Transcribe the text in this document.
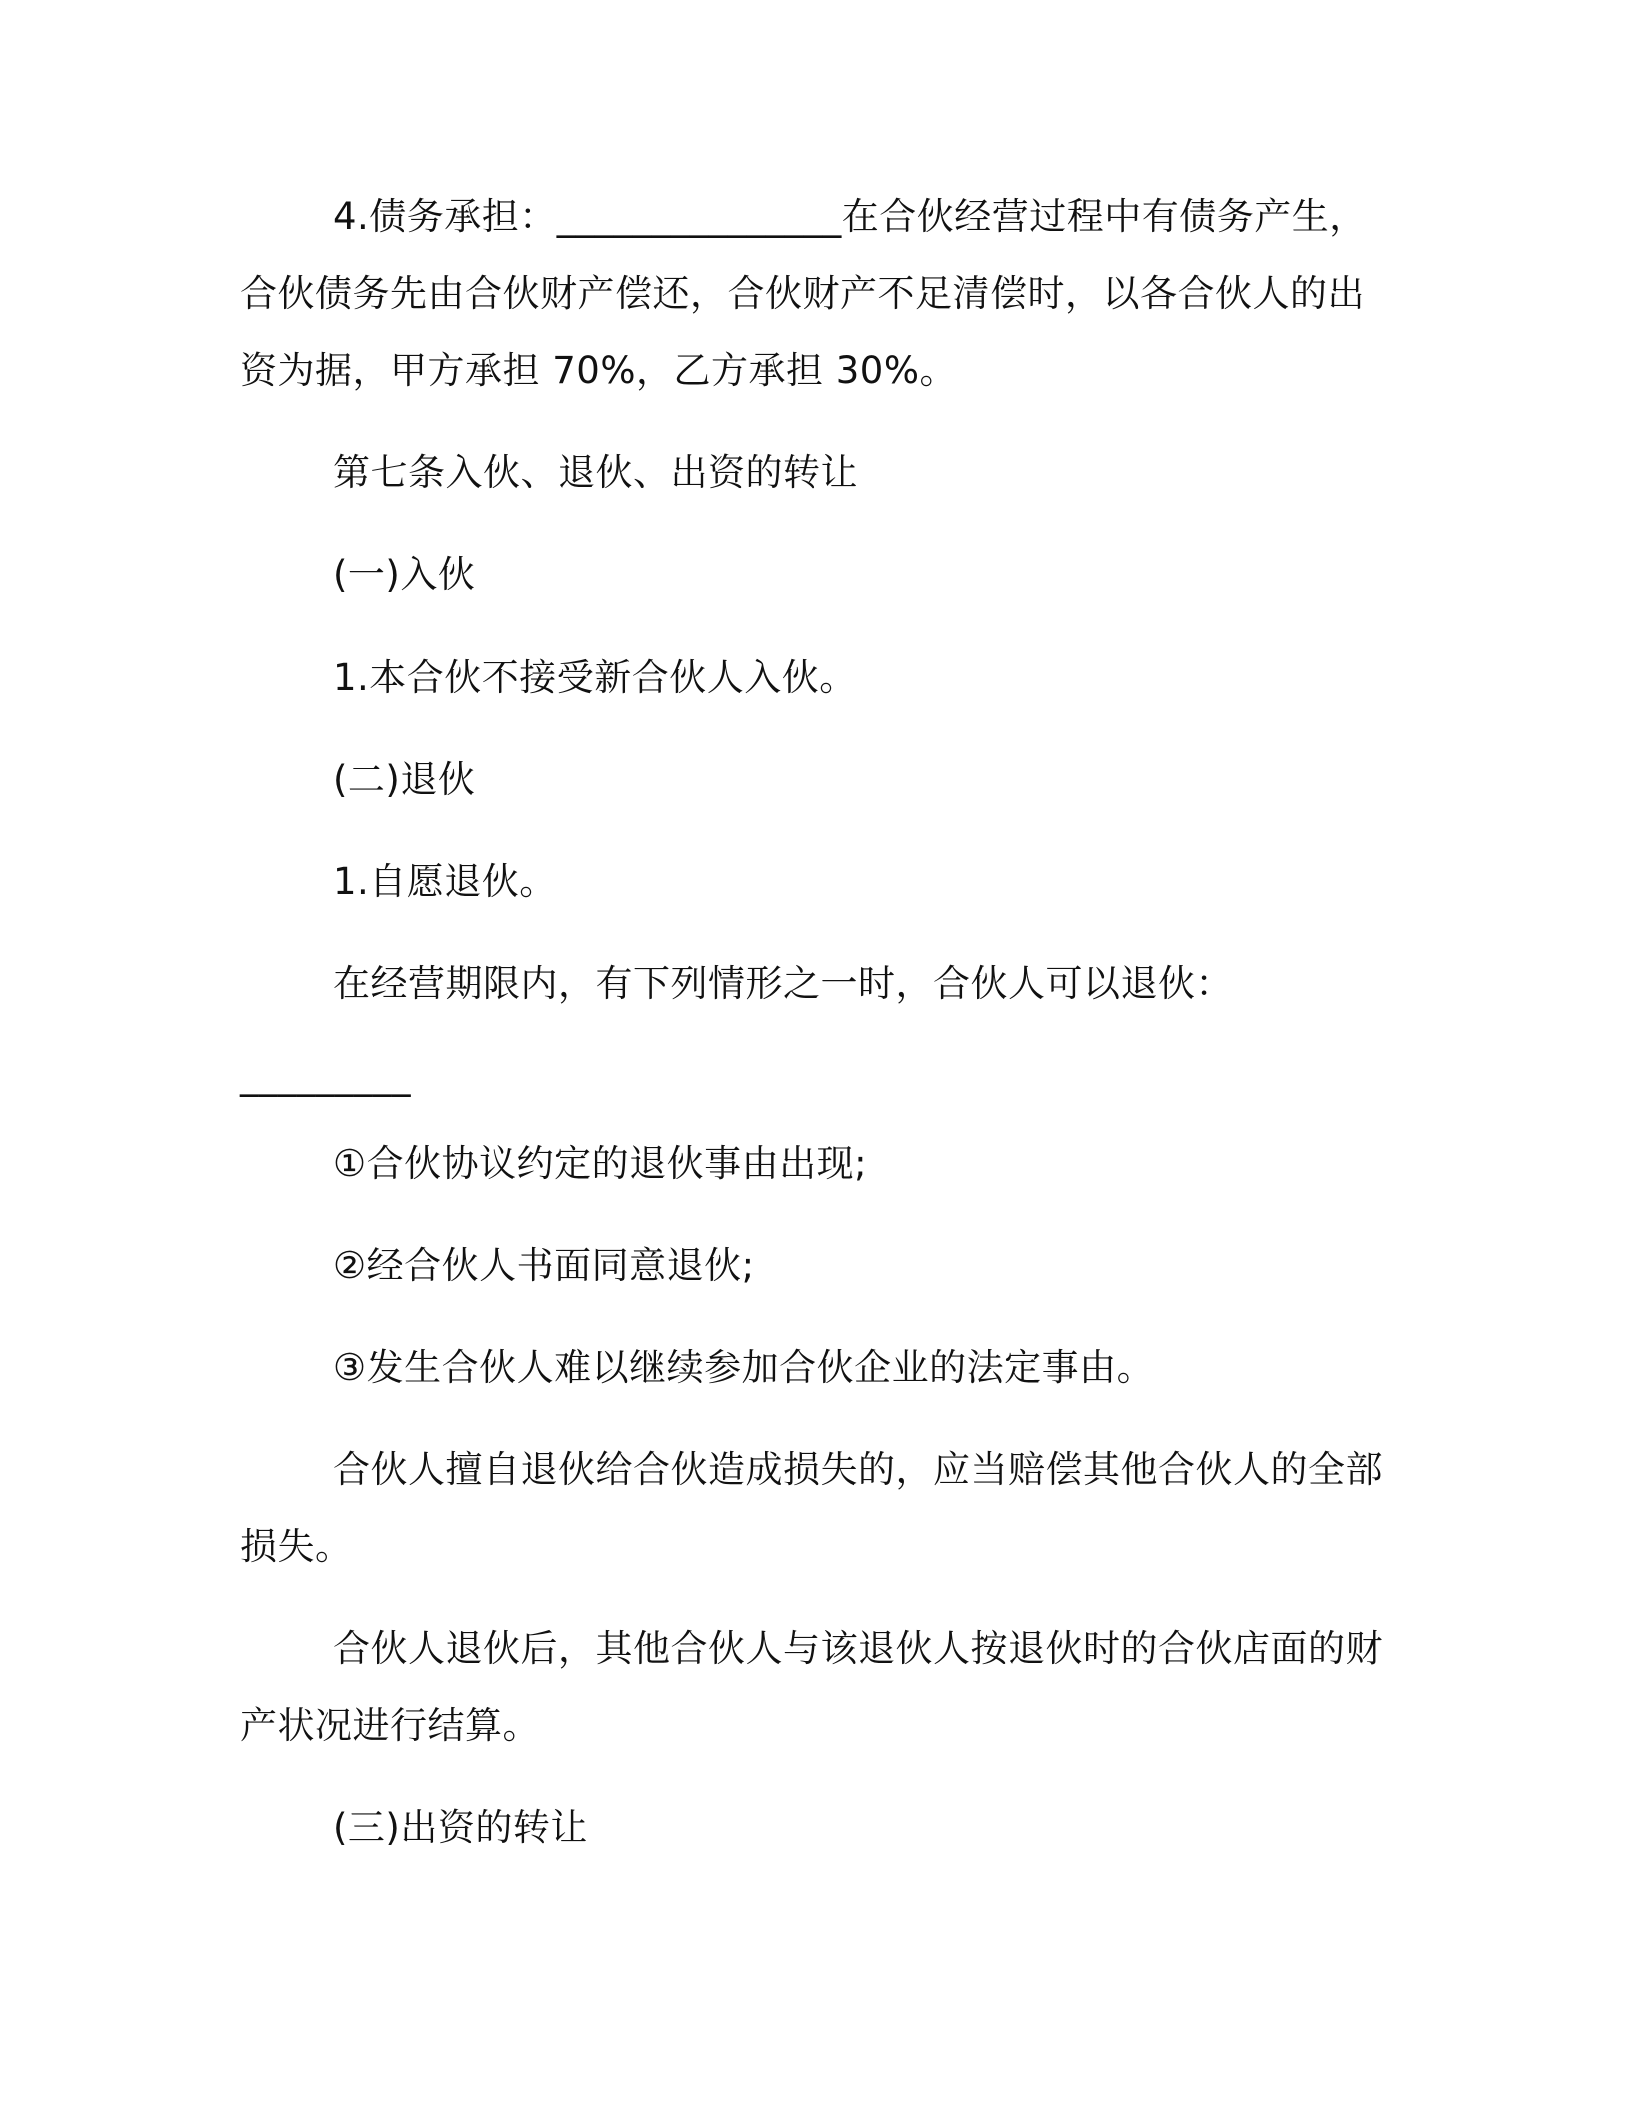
4.债务承担：_______________在合伙经营过程中有债务产生，

合伙债务先由合伙财产偿还，合伙财产不足清偿时，以各合伙人的出

资为据，甲方承担 70%，乙方承担 30%。

第七条入伙、退伙、出资的转让

(一)入伙

1.本合伙不接受新合伙人入伙。

(二)退伙

1.自愿退伙。

在经营期限内，有下列情形之一时，合伙人可以退伙：

_________

①合伙协议约定的退伙事由出现;

②经合伙人书面同意退伙;

③发生合伙人难以继续参加合伙企业的法定事由。

合伙人擅自退伙给合伙造成损失的，应当赔偿其他合伙人的全部

损失。

合伙人退伙后，其他合伙人与该退伙人按退伙时的合伙店面的财

产状况进行结算。

(三)出资的转让
